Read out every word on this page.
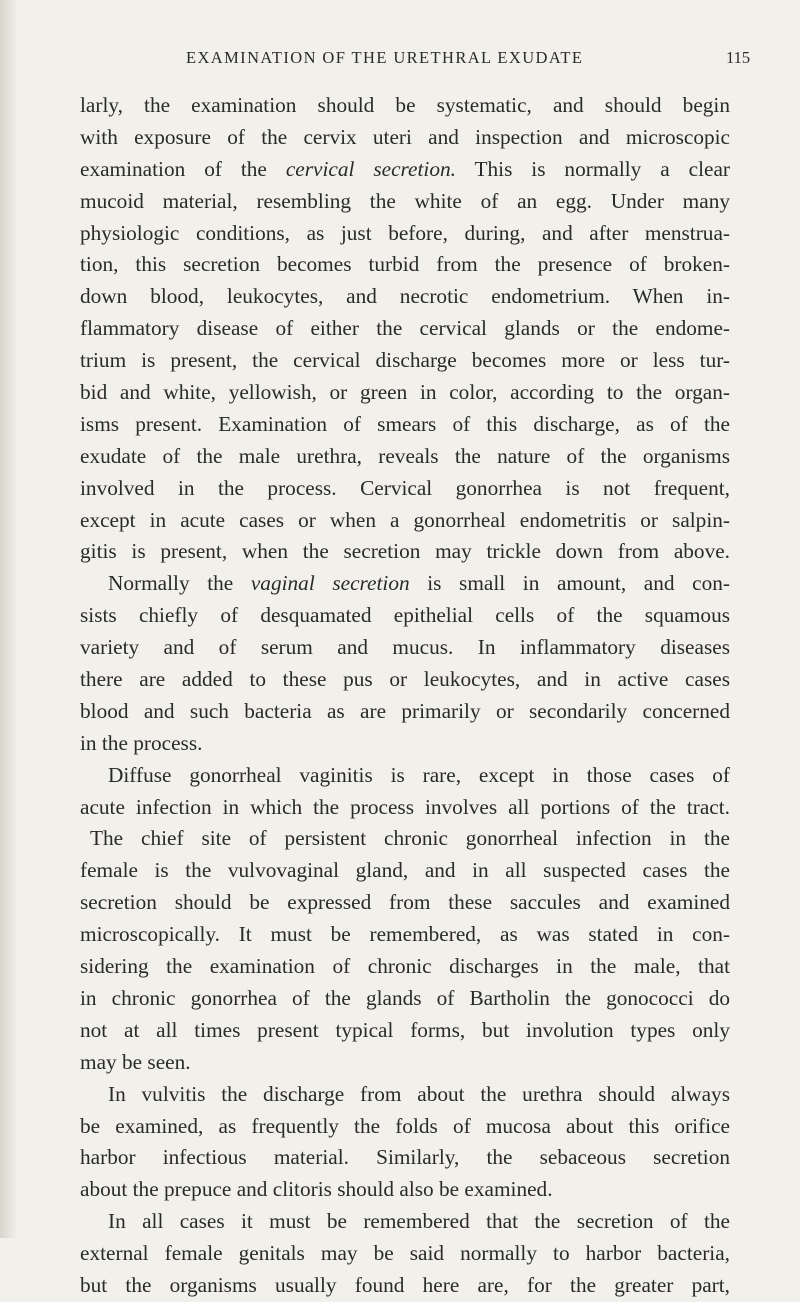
EXAMINATION OF THE URETHRAL EXUDATE	115
larly, the examination should be systematic, and should begin
with exposure of the cervix uteri and inspection and microscopic
examination of the cervical secretion. This is normally a clear
mucoid material, resembling the white of an egg. Under many
physiologic conditions, as just before, during, and after menstrua-
tion, this secretion becomes turbid from the presence of broken-
down blood, leukocytes, and necrotic endometrium. When in-
flammatory disease of either the cervical glands or the endome-
trium is present, the cervical discharge becomes more or less tur-
bid and white, yellowish, or green in color, according to the organ-
isms present. Examination of smears of this discharge, as of the
exudate of the male urethra, reveals the nature of the organisms
involved in the process. Cervical gonorrhea is not frequent,
except in acute cases or when a gonorrheal endometritis or salpin-
gitis is present, when the secretion may trickle down from above.
Normally the vaginal secretion is small in amount, and con-
sists chiefly of desquamated epithelial cells of the squamous
variety and of serum and mucus. In inflammatory diseases
there are added to these pus or leukocytes, and in active cases
blood and such bacteria as are primarily or secondarily concerned
in the process.
Diffuse gonorrheal vaginitis is rare, except in those cases of
acute infection in which the process involves all portions of the tract.
The chief site of persistent chronic gonorrheal infection in the
female is the vulvovaginal gland, and in all suspected cases the
secretion should be expressed from these saccules and examined
microscopically. It must be remembered, as was stated in con-
sidering the examination of chronic discharges in the male, that
in chronic gonorrhea of the glands of Bartholin the gonococci do
not at all times present typical forms, but involution types only
may be seen.
In vulvitis the discharge from about the urethra should always
be examined, as frequently the folds of mucosa about this orifice
harbor infectious material. Similarly, the sebaceous secretion
about the prepuce and clitoris should also be examined.
In all cases it must be remembered that the secretion of the
external female genitals may be said normally to harbor bacteria,
but the organisms usually found here are, for the greater part,
